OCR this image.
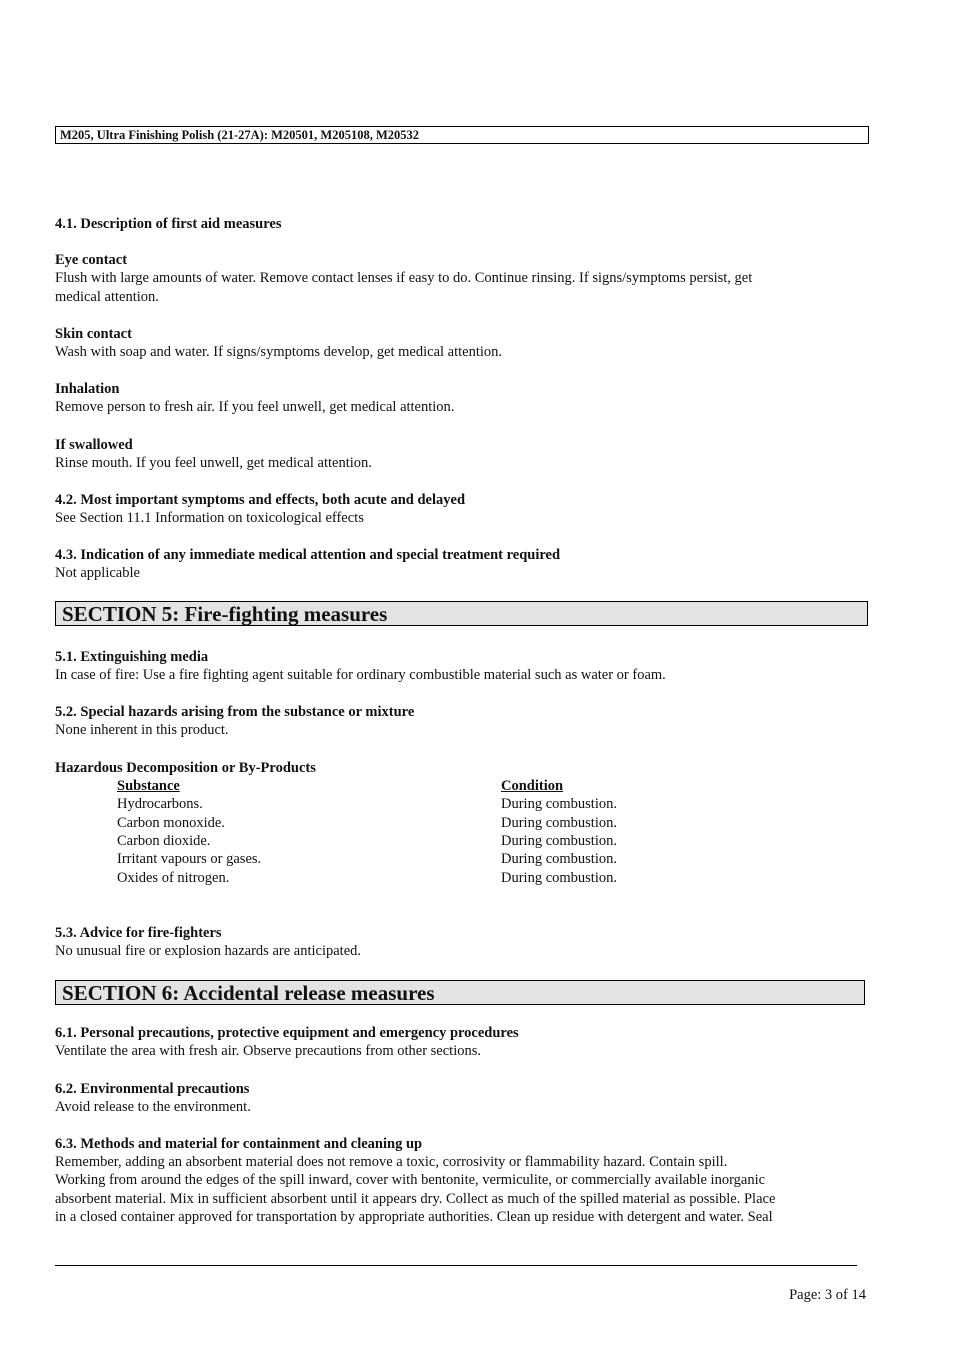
M205, Ultra Finishing Polish (21-27A): M20501, M205108, M20532
4.1. Description of first aid measures
Eye contact
Flush with large amounts of water. Remove contact lenses if easy to do. Continue rinsing. If signs/symptoms persist, get
medical attention.
Skin contact
Wash with soap and water. If signs/symptoms develop, get medical attention.
Inhalation
Remove person to fresh air. If you feel unwell, get medical attention.
If swallowed
Rinse mouth. If you feel unwell, get medical attention.
4.2. Most important symptoms and effects, both acute and delayed
See Section 11.1 Information on toxicological effects
4.3. Indication of any immediate medical attention and special treatment required
Not applicable
SECTION 5: Fire-fighting measures
5.1. Extinguishing media
In case of fire: Use a fire fighting agent suitable for ordinary combustible material such as water or foam.
5.2. Special hazards arising from the substance or mixture
None inherent in this product.
Hazardous Decomposition or By-Products
Substance	Condition
Hydrocarbons.	During combustion.
Carbon monoxide.	During combustion.
Carbon dioxide.	During combustion.
Irritant vapours or gases.	During combustion.
Oxides of nitrogen.	During combustion.
5.3. Advice for fire-fighters
No unusual fire or explosion hazards are anticipated.
SECTION 6: Accidental release measures
6.1. Personal precautions, protective equipment and emergency procedures
Ventilate the area with fresh air. Observe precautions from other sections.
6.2. Environmental precautions
Avoid release to the environment.
6.3. Methods and material for containment and cleaning up
Remember, adding an absorbent material does not remove a toxic, corrosivity or flammability hazard. Contain spill.
Working from around the edges of the spill inward, cover with bentonite, vermiculite, or commercially available inorganic
absorbent material. Mix in sufficient absorbent until it appears dry. Collect as much of the spilled material as possible. Place
in a closed container approved for transportation by appropriate authorities. Clean up residue with detergent and water. Seal
Page: 3 of 14
